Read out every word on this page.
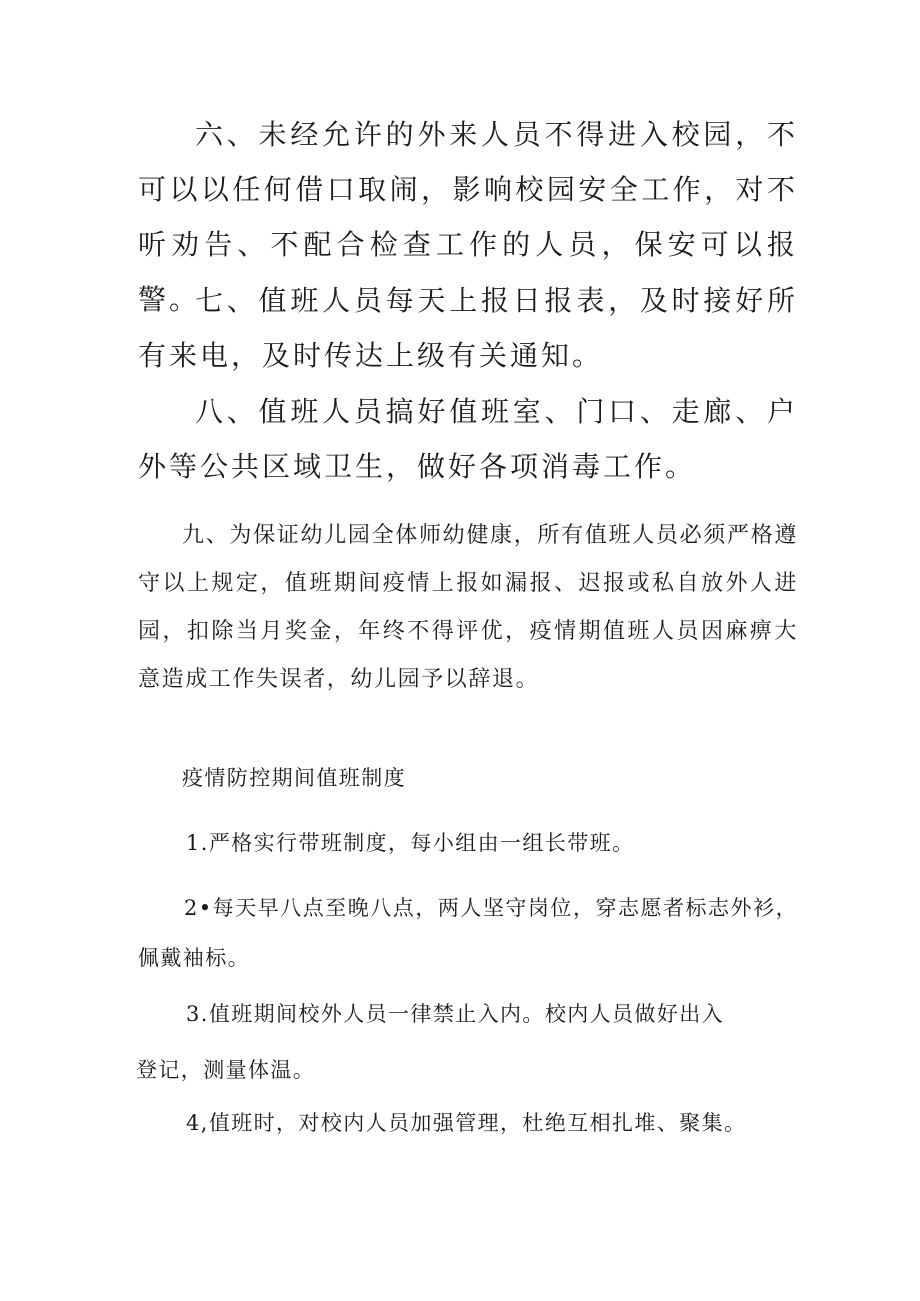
六、未经允许的外来人员不得进入校园，不可以以任何借口取闹，影响校园安全工作，对不听劝告、不配合检查工作的人员，保安可以报警。

七、值班人员每天上报日报表，及时接好所有来电，及时传达上级有关通知。

八、值班人员搞好值班室、门口、走廊、户外等公共区域卫生，做好各项消毒工作。

九、为保证幼儿园全体师幼健康，所有值班人员必须严格遵守以上规定，值班期间疫情上报如漏报、迟报或私自放外人进园，扣除当月奖金，年终不得评优，疫情期值班人员因麻痹大意造成工作失误者，幼儿园予以辞退。

疫情防控期间值班制度

1.严格实行带班制度，每小组由一组长带班。

2•每天早八点至晚八点，两人坚守岗位，穿志愿者标志外衫，佩戴袖标。

3.值班期间校外人员一律禁止入内。校内人员做好出入

登记，测量体温。

4,值班时，对校内人员加强管理，杜绝互相扎堆、聚集。
